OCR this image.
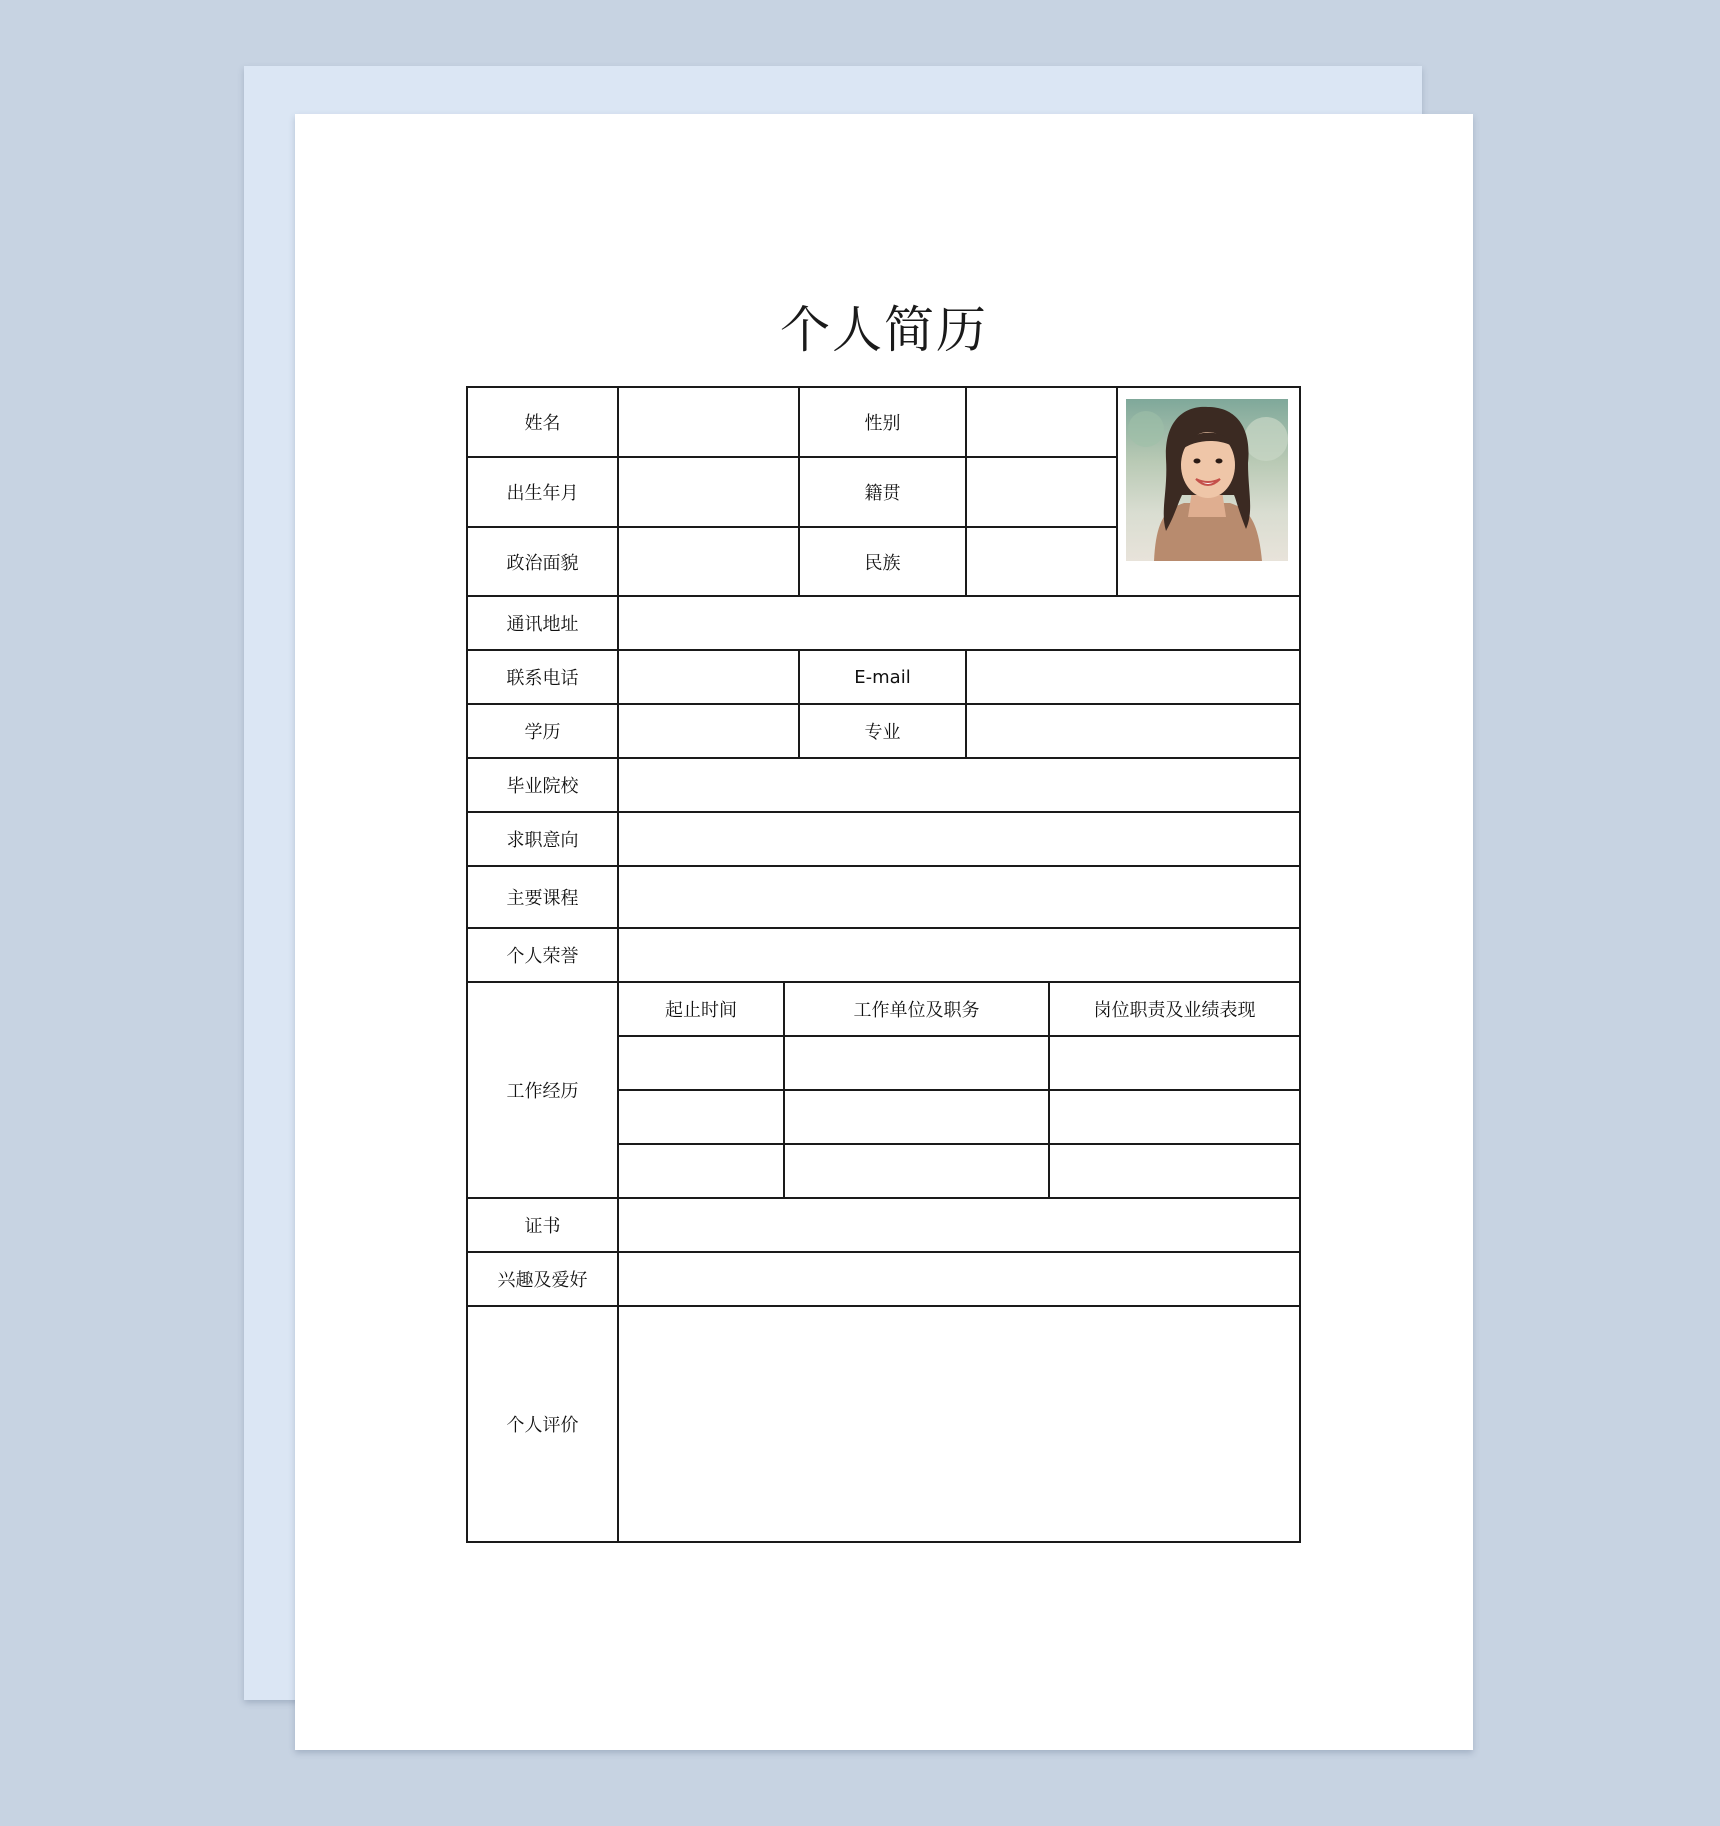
个人简历
姓名			性别		

出生年月			籍贯			
政治面貌			民族			
通讯地址						
联系电话			E-mail			
学历			专业			
毕业院校						
求职意向						
主要课程						
个人荣誉						
工作经历	起止时间	工作单位及职务			岗位职责及业绩表现	

证书						
兴趣及爱好						
个人评价						
